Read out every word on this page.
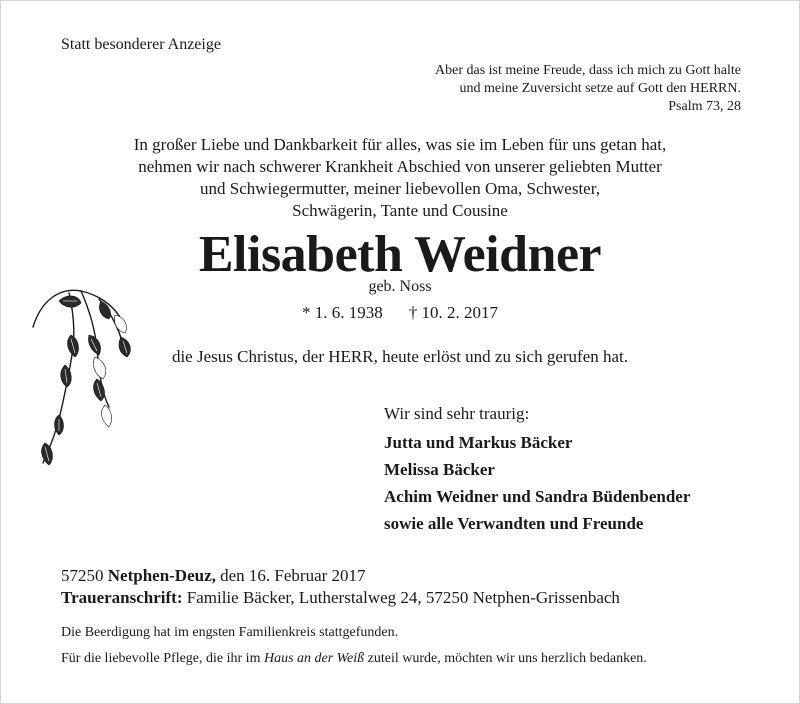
Statt besonderer Anzeige
Aber das ist meine Freude, dass ich mich zu Gott halte
und meine Zuversicht setze auf Gott den HERRN.
Psalm 73, 28
In großer Liebe und Dankbarkeit für alles, was sie im Leben für uns getan hat,
nehmen wir nach schwerer Krankheit Abschied von unserer geliebten Mutter
und Schwiegermutter, meiner liebevollen Oma, Schwester,
Schwägerin, Tante und Cousine
Elisabeth Weidner
geb. Noss
* 1. 6. 1938 † 10. 2. 2017
die Jesus Christus, der HERR, heute erlöst und zu sich gerufen hat.
Wir sind sehr traurig:
Jutta und Markus Bäcker
Melissa Bäcker
Achim Weidner und Sandra Büdenbender
sowie alle Verwandten und Freunde
57250 Netphen-Deuz, den 16. Februar 2017
Traueranschrift: Familie Bäcker, Lutherstalweg 24, 57250 Netphen-Grissenbach
Die Beerdigung hat im engsten Familienkreis stattgefunden.
Für die liebevolle Pflege, die ihr im Haus an der Weiß zuteil wurde, möchten wir uns herzlich bedanken.
